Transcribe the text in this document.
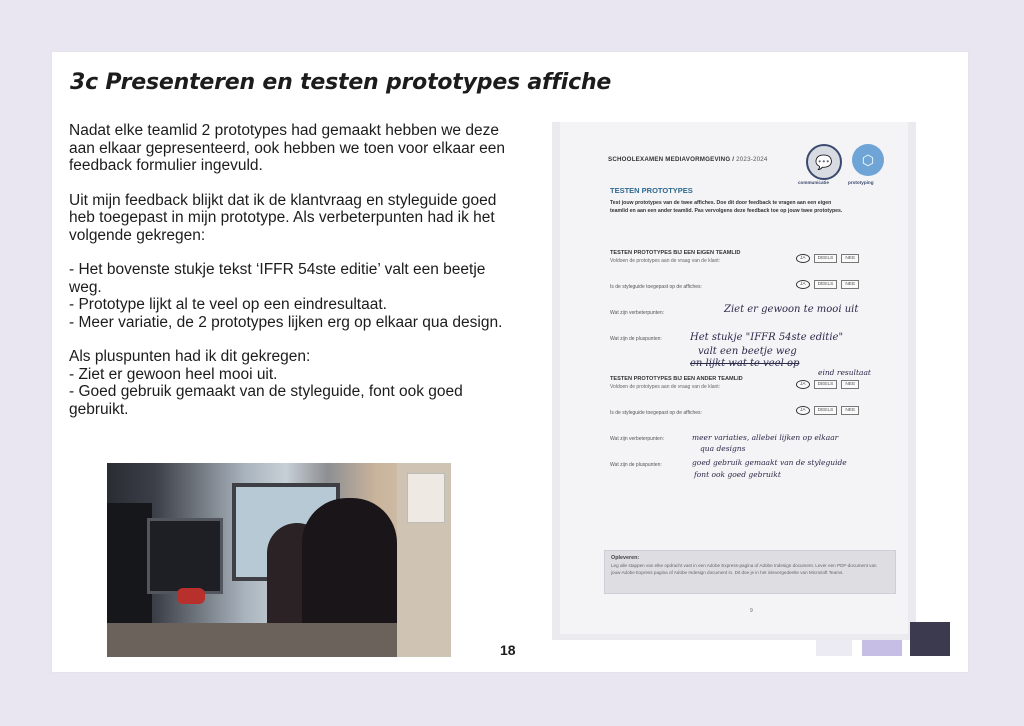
3c Presenteren en testen prototypes affiche

Nadat elke teamlid 2 prototypes had gemaakt hebben we deze aan elkaar gepresenteerd, ook hebben we toen voor elkaar een feedback formulier ingevuld.

Uit mijn feedback blijkt dat ik de klantvraag en styleguide goed heb toegepast in mijn prototype. Als verbeterpunten had ik het volgende gekregen:

- Het bovenste stukje tekst ‘IFFR 54ste editie’ valt een beetje weg.
- Prototype lijkt al te veel op een eindresultaat.
- Meer variatie, de 2 prototypes lijken erg op elkaar qua design.

Als pluspunten had ik dit gekregen:
- Ziet er gewoon heel mooi uit.
- Goed gebruik gemaakt van de styleguide, font ook goed gebruikt.

18
SCHOOLEXAMEN MEDIAVORMGEVING / 2023-2024	💬	⬡
communicatie	prototyping
TESTEN PROTOTYPES
Test jouw prototypes van de twee affiches. Doe dit door feedback te vragen aan een eigen teamlid en aan een ander teamlid. Pas vervolgens deze feedback toe op jouw twee prototypes.
TESTEN PROTOTYPES BIJ EEN EIGEN TEAMLID
Voldoen de prototypes aan de vraag van de klant:	JA	DEELS	NEE
Is de styleguide toegepast op de affiches:	JA	DEELS	NEE
Wat zijn verbeterpunten:	Ziet er gewoon te mooi uit
Wat zijn de pluspunten:	Het stukje "IFFR 54ste editie"
valt een beetje weg
en lijkt wat te veel op
eind resultaat
TESTEN PROTOTYPES BIJ EEN ANDER TEAMLID
Voldoen de prototypes aan de vraag van de klant:	JA	DEELS	NEE
Is de styleguide toegepast op de affiches:	JA	DEELS	NEE
Wat zijn verbeterpunten:	meer variaties, allebei lijken op elkaar
qua designs
Wat zijn de pluspunten:	goed gebruik gemaakt van de styleguide
font ook goed gebruikt
Opleveren:
Leg alle stappen van elke opdracht vast in een Adobe Express-pagina of Adobe Indesign document. Lever een PDF-document van jouw Adobe Express pagina of Adobe Indesign document in. Dit doe je in het inlevergedeelte van Microsoft Teams.
9
